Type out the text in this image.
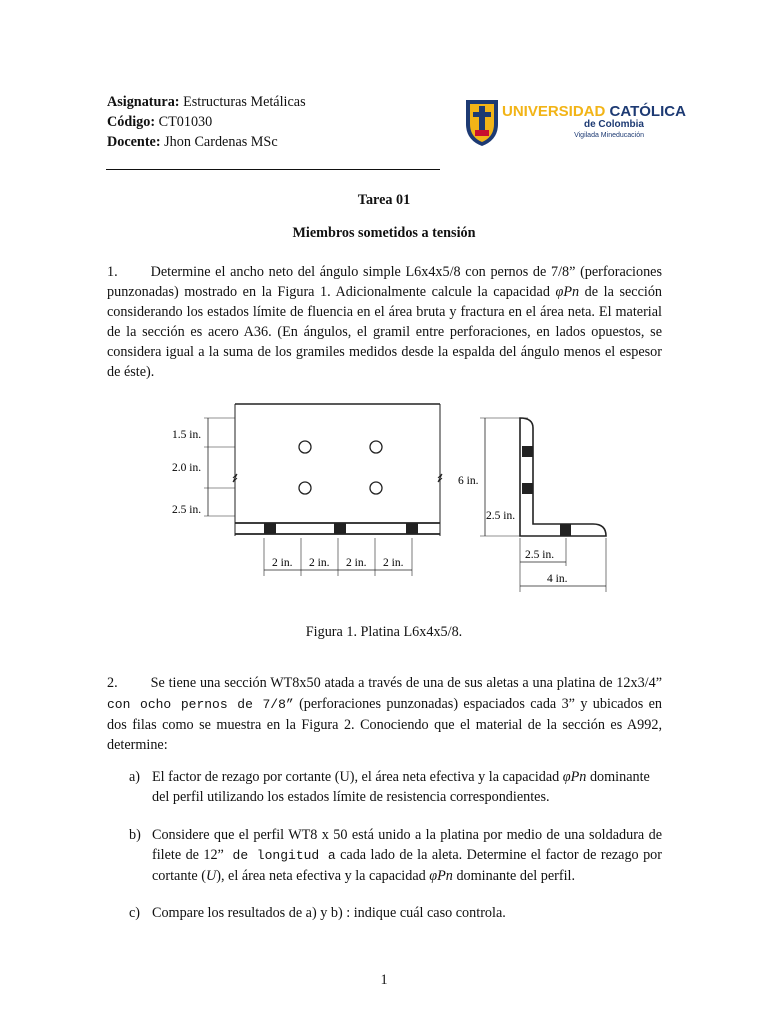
Asignatura: Estructuras Metálicas
Código: CT01030
Docente: Jhon Cardenas MSc
UNIVERSIDAD CATÓLICA
de Colombia
Vigilada Mineducación
Tarea 01
Miembros sometidos a tensión
1. Determine el ancho neto del ángulo simple L6x4x5/8 con pernos de 7/8” (perforaciones punzonadas) mostrado en la Figura 1. Adicionalmente calcule la capacidad φPn de la sección considerando los estados límite de fluencia en el área bruta y fractura en el área neta. El material de la sección es acero A36. (En ángulos, el gramil entre perforaciones, en lados opuestos, se considera igual a la suma de los gramiles medidos desde la espalda del ángulo menos el espesor de éste).
1.5 in.
2.0 in.
2.5 in.
2 in. 2 in. 2 in. 2 in.
6 in.
2.5 in.
2.5 in.
4 in.
Figura 1. Platina L6x4x5/8.
2. Se tiene una sección WT8x50 atada a través de una de sus aletas a una platina de 12x3/4” con ocho pernos de 7/8” (perforaciones punzonadas) espaciados cada 3” y ubicados en dos filas como se muestra en la Figura 2. Conociendo que el material de la sección es A992, determine:
a) El factor de rezago por cortante (U), el área neta efectiva y la capacidad φPn dominante del perfil utilizando los estados límite de resistencia correspondientes.
b) Considere que el perfil WT8 x 50 está unido a la platina por medio de una soldadura de filete de 12” de longitud a cada lado de la aleta. Determine el factor de rezago por cortante (U), el área neta efectiva y la capacidad φPn dominante del perfil.
c) Compare los resultados de a) y b) : indique cuál caso controla.
1
